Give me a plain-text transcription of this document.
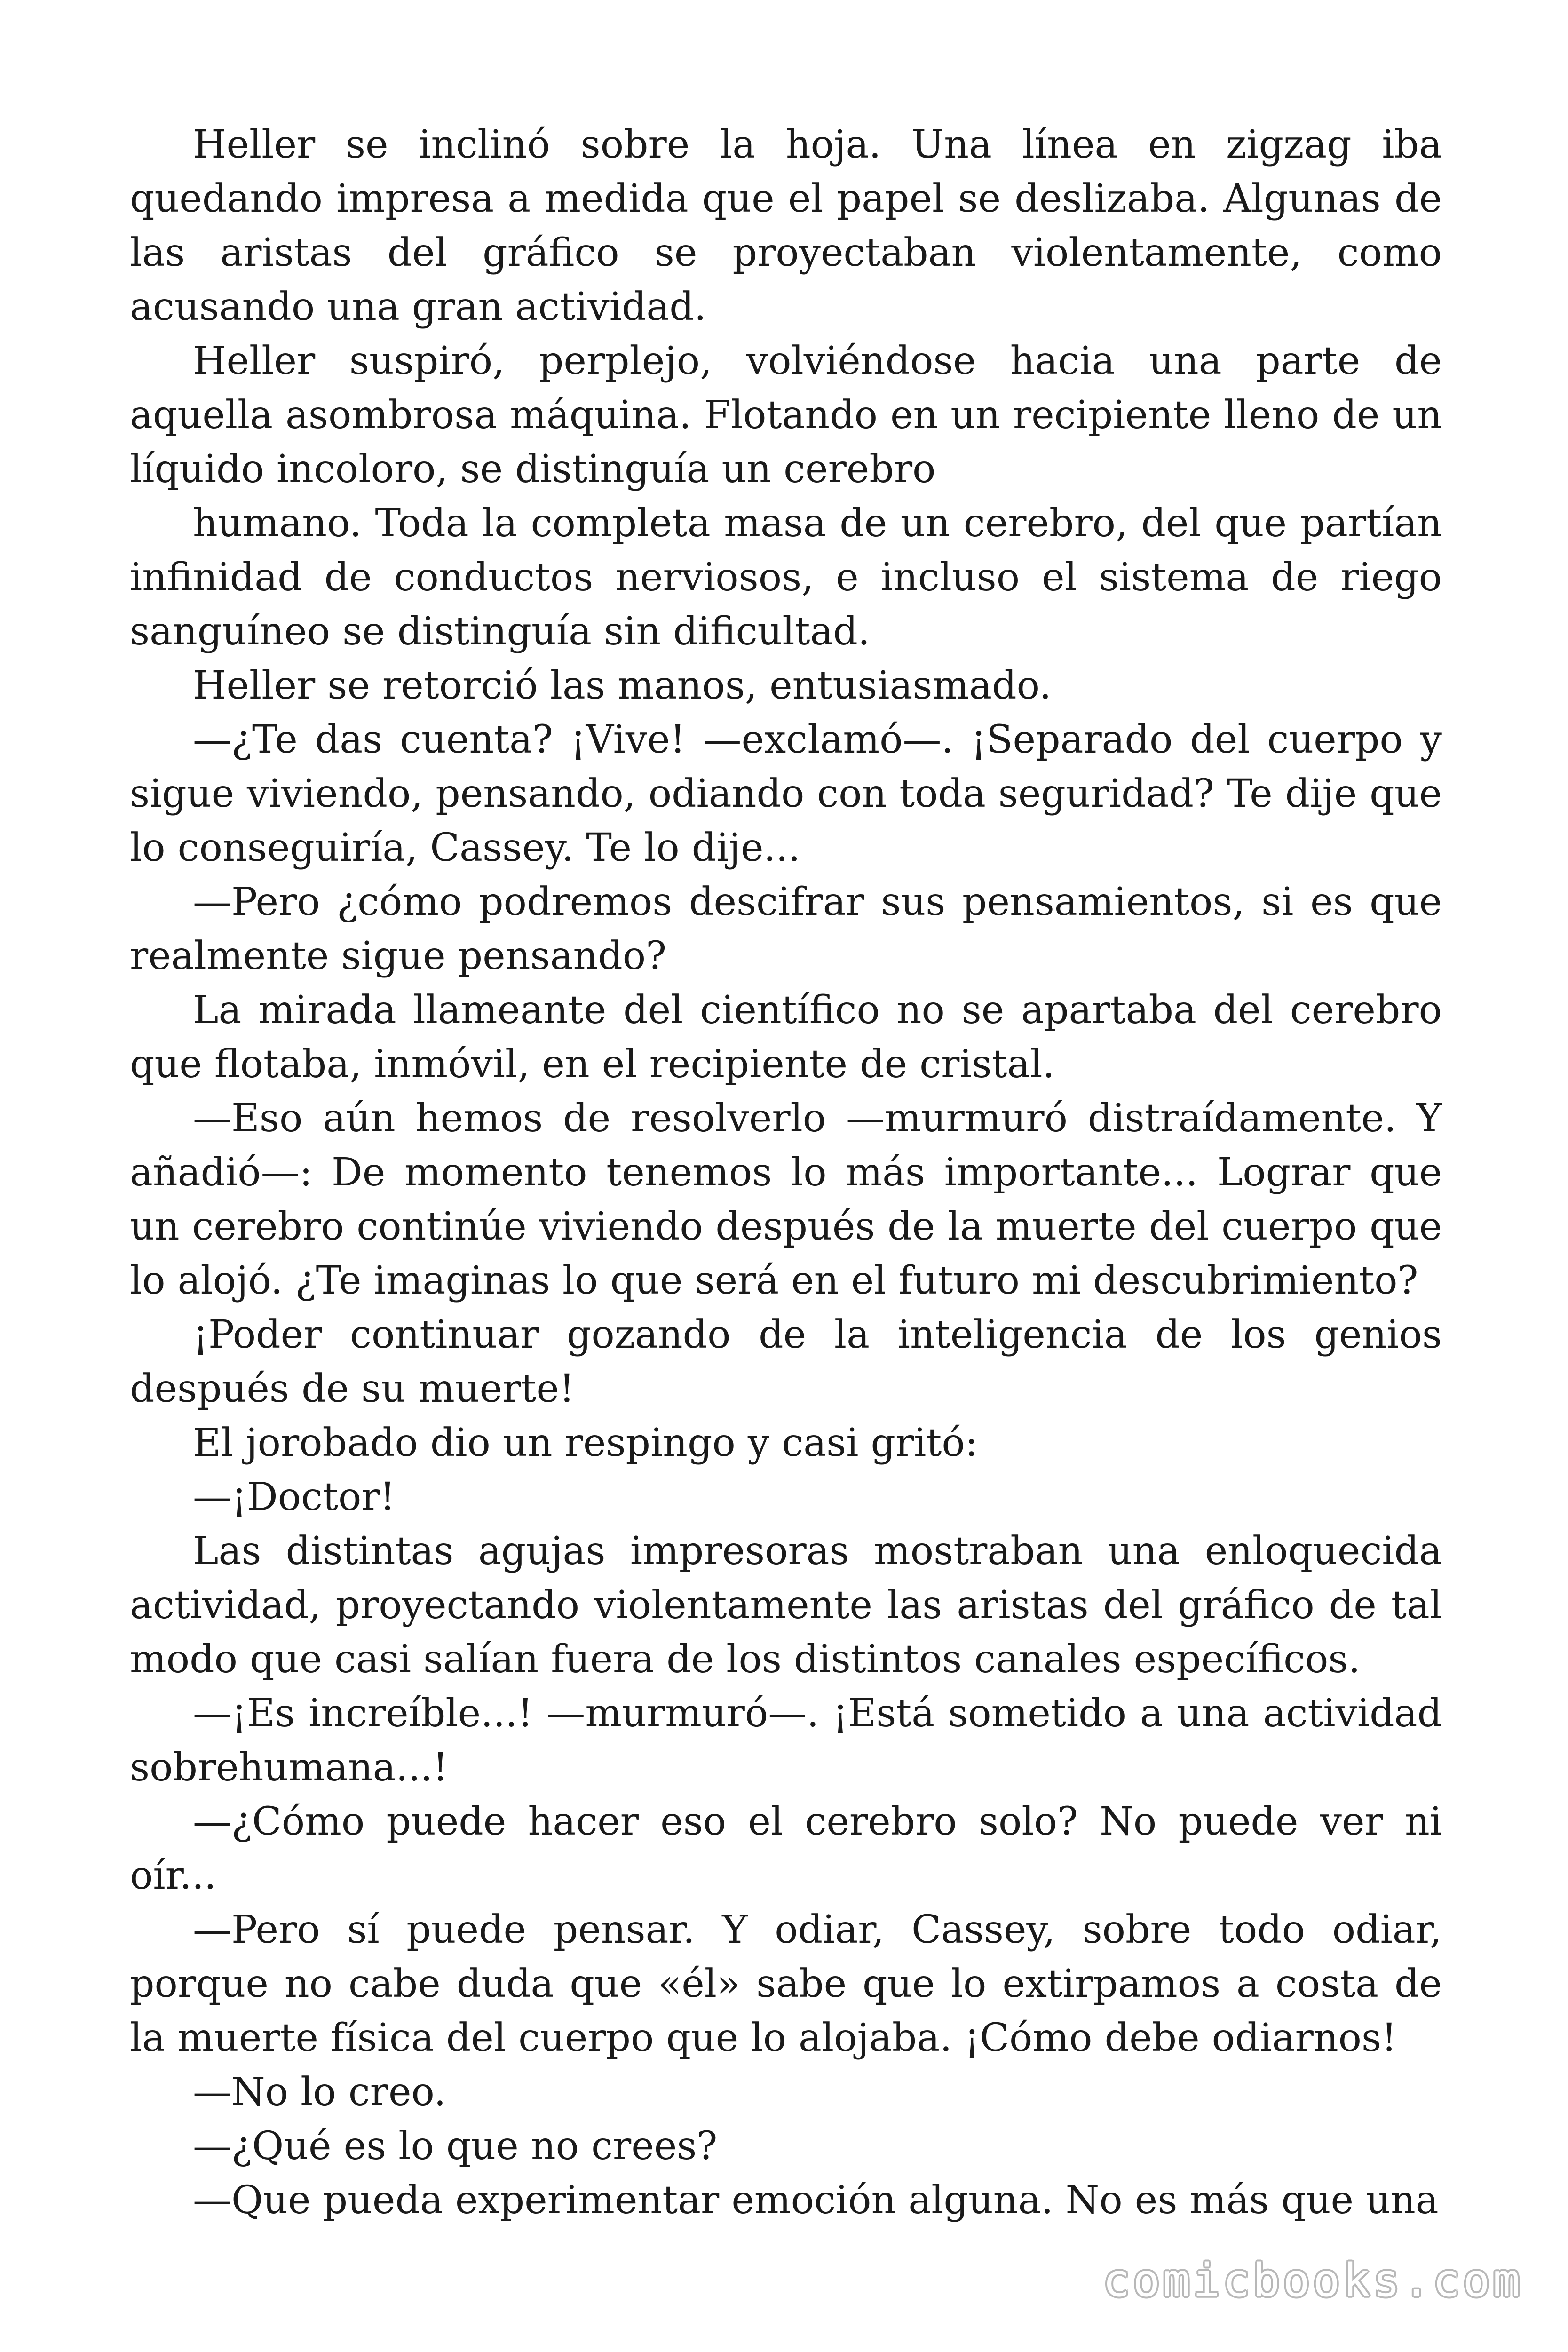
Heller se inclinó sobre la hoja. Una línea en zigzag iba quedando impresa a medida que el papel se deslizaba. Algunas de las aristas del gráfico se proyectaban violentamente, como acusando una gran actividad.

Heller suspiró, perplejo, volviéndose hacia una parte de aquella asombrosa máquina. Flotando en un recipiente lleno de un líquido incoloro, se distinguía un cerebro

humano. Toda la completa masa de un cerebro, del que partían infinidad de conductos nerviosos, e incluso el sistema de riego sanguíneo se distinguía sin dificultad.

Heller se retorció las manos, entusiasmado.

—¿Te das cuenta? ¡Vive! —exclamó—. ¡Separado del cuerpo y sigue viviendo, pensando, odiando con toda seguridad? Te dije que lo conseguiría, Cassey. Te lo dije...

—Pero ¿cómo podremos descifrar sus pensamientos, si es que realmente sigue pensando?

La mirada llameante del científico no se apartaba del cerebro que flotaba, inmóvil, en el recipiente de cristal.

—Eso aún hemos de resolverlo —murmuró distraídamente. Y añadió—: De momento tenemos lo más importante... Lograr que un cerebro continúe viviendo después de la muerte del cuerpo que lo alojó. ¿Te imaginas lo que será en el futuro mi descubrimiento?

¡Poder continuar gozando de la inteligencia de los genios después de su muerte!

El jorobado dio un respingo y casi gritó:

—¡Doctor!

Las distintas agujas impresoras mostraban una enloquecida actividad, proyectando violentamente las aristas del gráfico de tal modo que casi salían fuera de los distintos canales específicos.

—¡Es increíble...! —murmuró—. ¡Está sometido a una actividad sobrehumana...!

—¿Cómo puede hacer eso el cerebro solo? No puede ver ni oír...

—Pero sí puede pensar. Y odiar, Cassey, sobre todo odiar, porque no cabe duda que «él» sabe que lo extirpamos a costa de la muerte física del cuerpo que lo alojaba. ¡Cómo debe odiarnos!

—No lo creo.

—¿Qué es lo que no crees?

—Que pueda experimentar emoción alguna. No es más que una

comicbooks.com
